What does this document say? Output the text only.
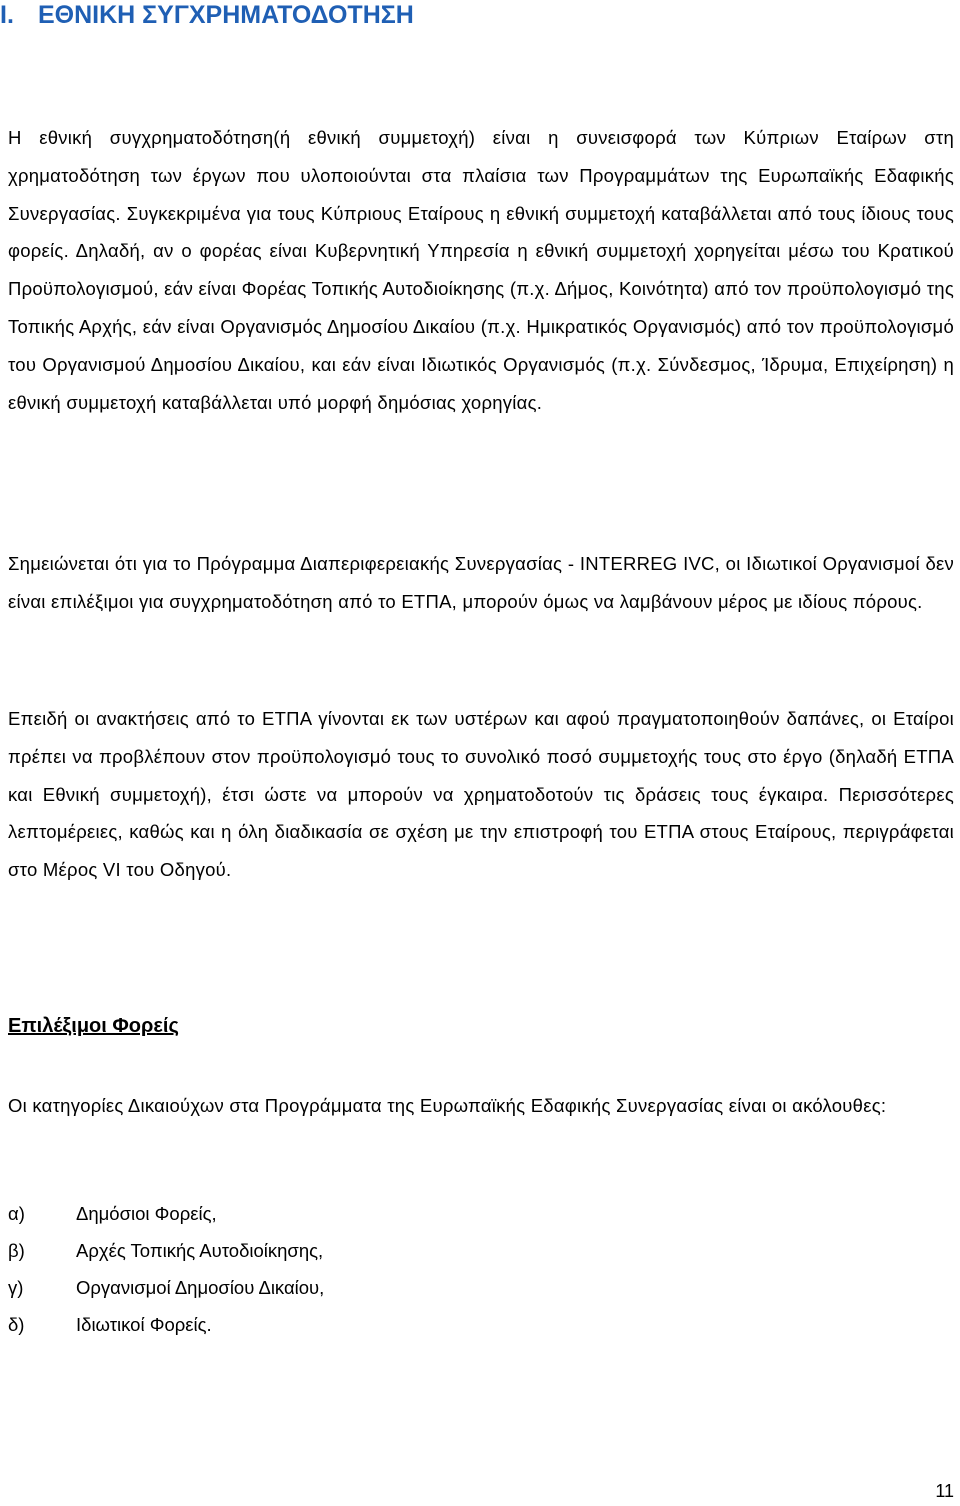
I. ΕΘΝΙΚΗ ΣΥΓΧΡΗΜΑΤΟΔΟΤΗΣΗ

Η εθνική συγχρηματοδότηση(ή εθνική συμμετοχή) είναι η συνεισφορά των Κύπριων Εταίρων στη χρηματοδότηση των έργων που υλοποιούνται στα πλαίσια των Προγραμμάτων της Ευρωπαϊκής Εδαφικής Συνεργασίας. Συγκεκριμένα για τους Κύπριους Εταίρους η εθνική συμμετοχή καταβάλλεται από τους ίδιους τους φορείς. Δηλαδή, αν ο φορέας είναι Κυβερνητική Υπηρεσία η εθνική συμμετοχή χορηγείται μέσω του Κρατικού Προϋπολογισμού, εάν είναι Φορέας Τοπικής Αυτοδιοίκησης (π.χ. Δήμος, Κοινότητα) από τον προϋπολογισμό της Τοπικής Αρχής, εάν είναι Οργανισμός Δημοσίου Δικαίου (π.χ. Ημικρατικός Οργανισμός) από τον προϋπολογισμό του Οργανισμού Δημοσίου Δικαίου, και εάν είναι Ιδιωτικός Οργανισμός (π.χ. Σύνδεσμος, Ίδρυμα, Επιχείρηση) η εθνική συμμετοχή καταβάλλεται υπό μορφή δημόσιας χορηγίας.

Σημειώνεται ότι για το Πρόγραμμα Διαπεριφερειακής Συνεργασίας - INTERREG IVC, οι Ιδιωτικοί Οργανισμοί δεν είναι επιλέξιμοι για συγχρηματοδότηση από το ΕΤΠΑ, μπορούν όμως να λαμβάνουν μέρος με ιδίους πόρους.

Επειδή οι ανακτήσεις από το ΕΤΠΑ γίνονται εκ των υστέρων και αφού πραγματοποιηθούν δαπάνες, οι Εταίροι πρέπει να προβλέπουν στον προϋπολογισμό τους το συνολικό ποσό συμμετοχής τους στο έργο (δηλαδή ΕΤΠΑ και Εθνική συμμετοχή), έτσι ώστε να μπορούν να χρηματοδοτούν τις δράσεις τους έγκαιρα. Περισσότερες λεπτομέρειες, καθώς και η όλη διαδικασία σε σχέση με την επιστροφή του ΕΤΠΑ στους Εταίρους, περιγράφεται στο Μέρος VI του Οδηγού.

Επιλέξιμοι Φορείς

Οι κατηγορίες Δικαιούχων στα Προγράμματα της Ευρωπαϊκής Εδαφικής Συνεργασίας είναι οι ακόλουθες:

α)	Δημόσιοι Φορείς,
β)	Αρχές Τοπικής Αυτοδιοίκησης,
γ)	Οργανισμοί Δημοσίου Δικαίου,
δ)	Ιδιωτικοί Φορείς.
11
